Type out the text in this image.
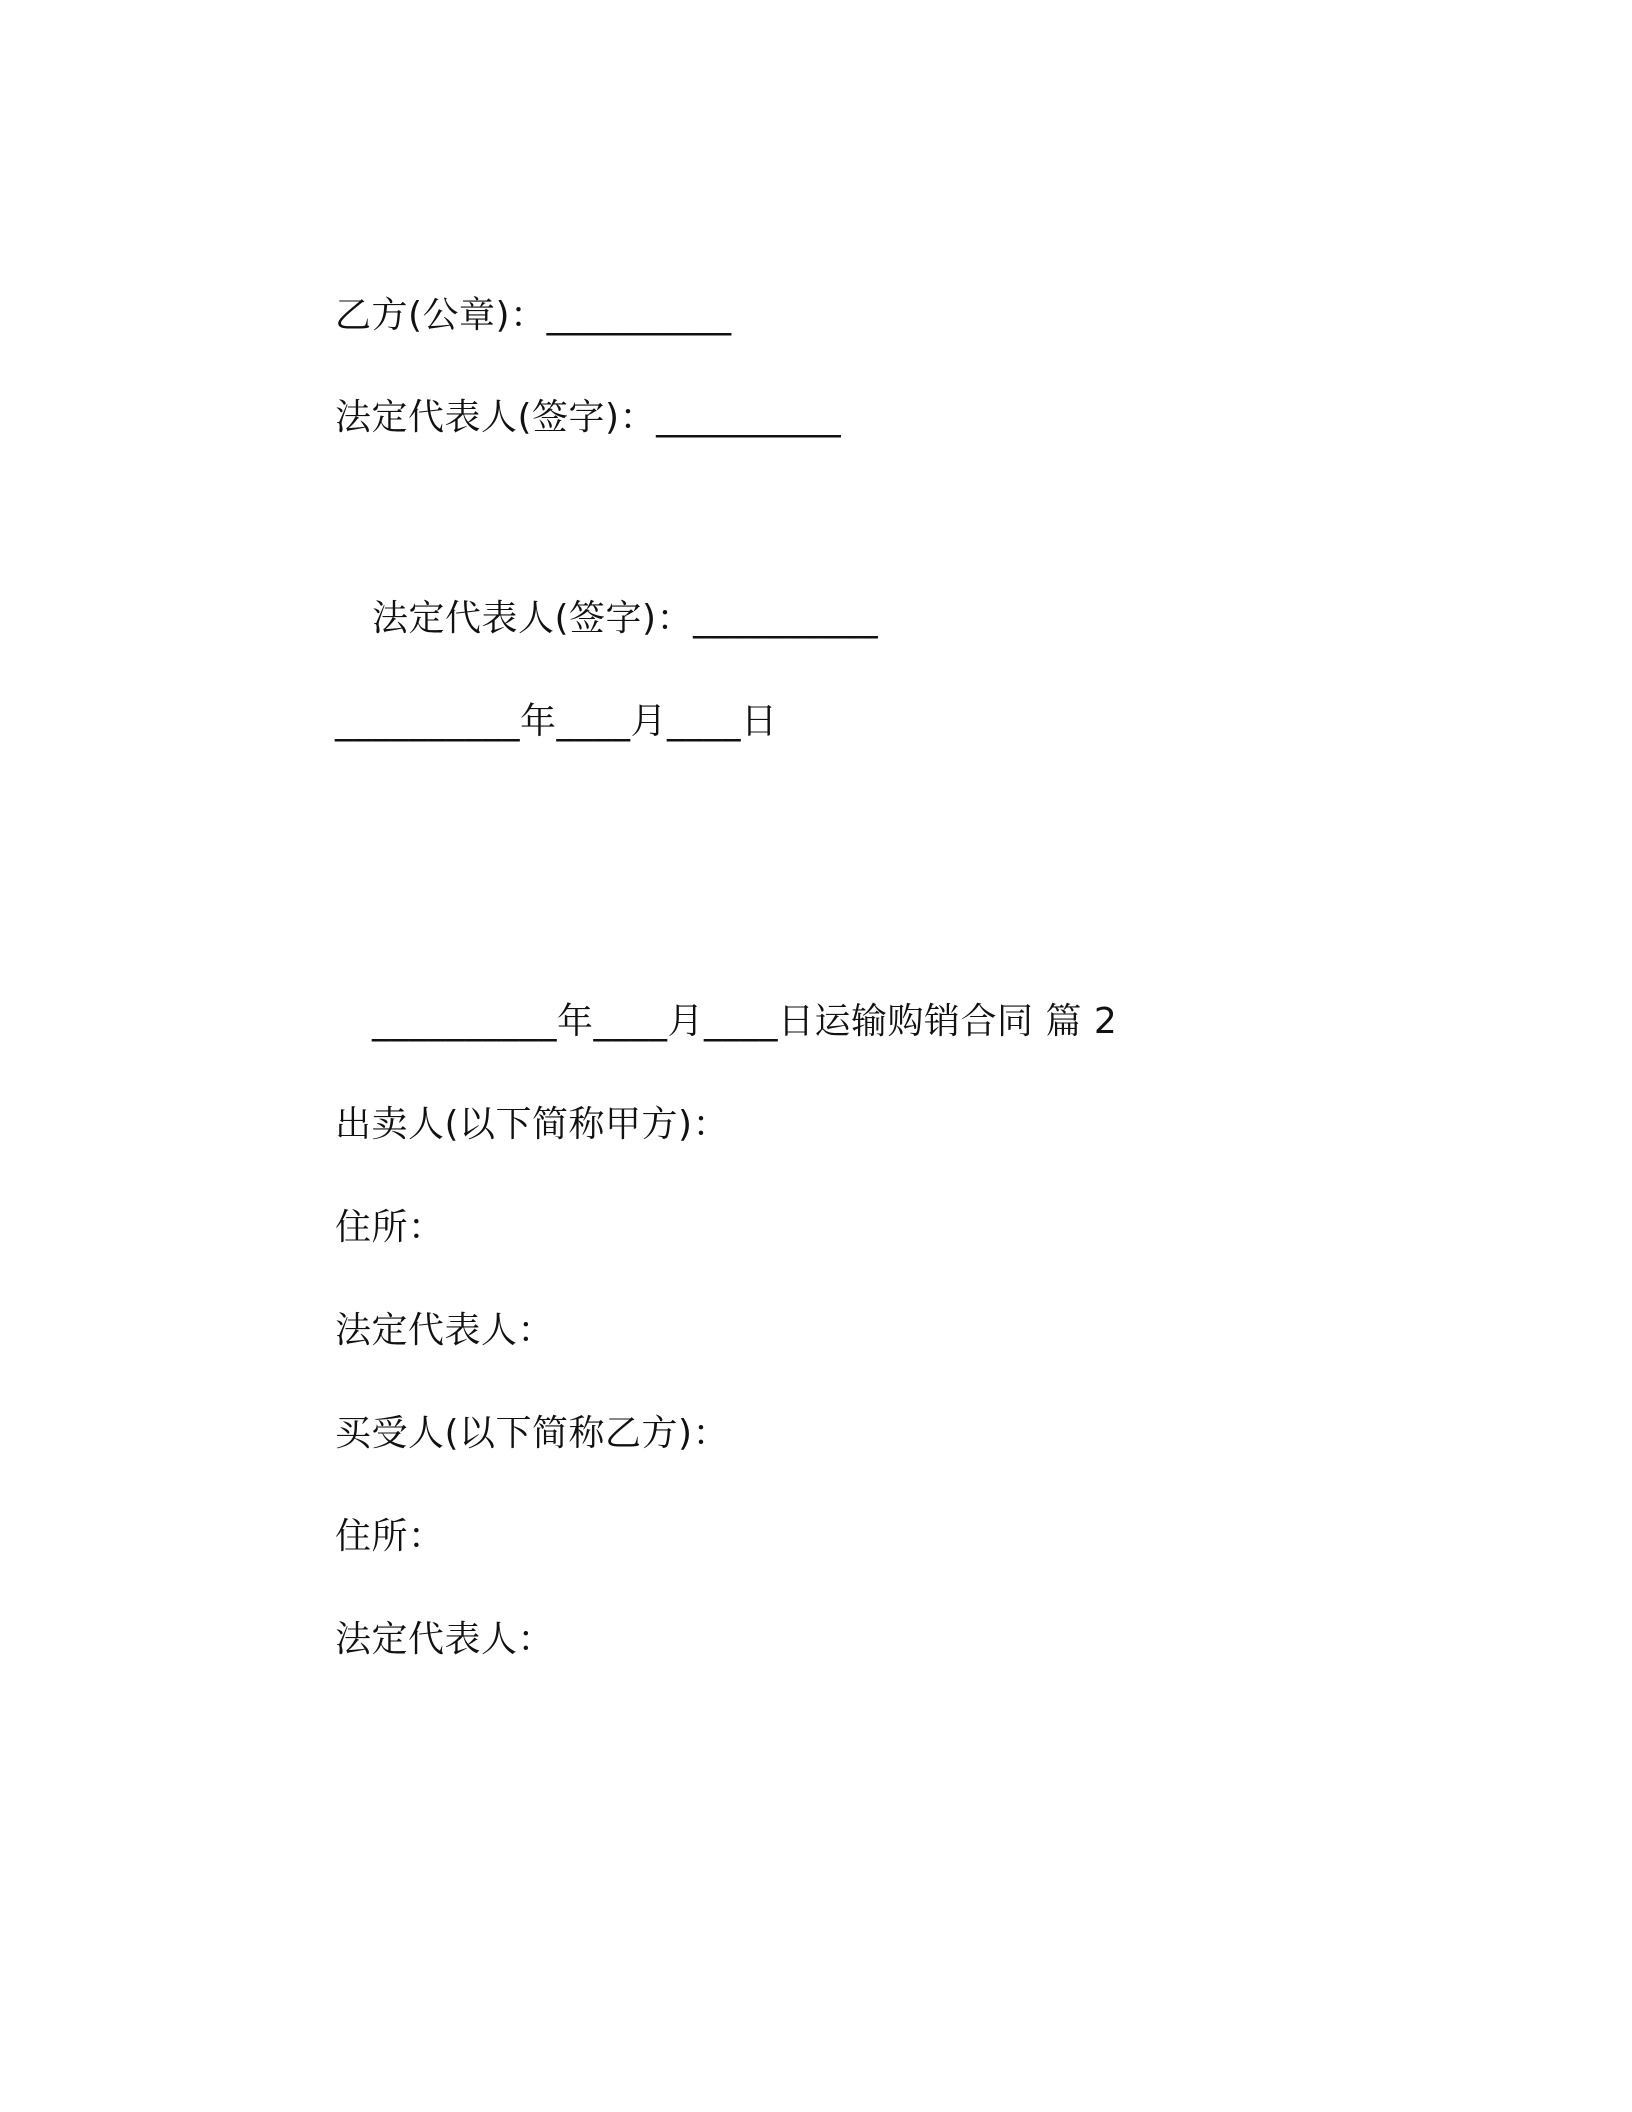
乙方(公章)：__________
法定代表人(签字)：__________
法定代表人(签字)：__________
__________年____月____日
__________年____月____日运输购销合同 篇 2
出卖人(以下简称甲方)：
住所：
法定代表人：
买受人(以下简称乙方)：
住所：
法定代表人：
